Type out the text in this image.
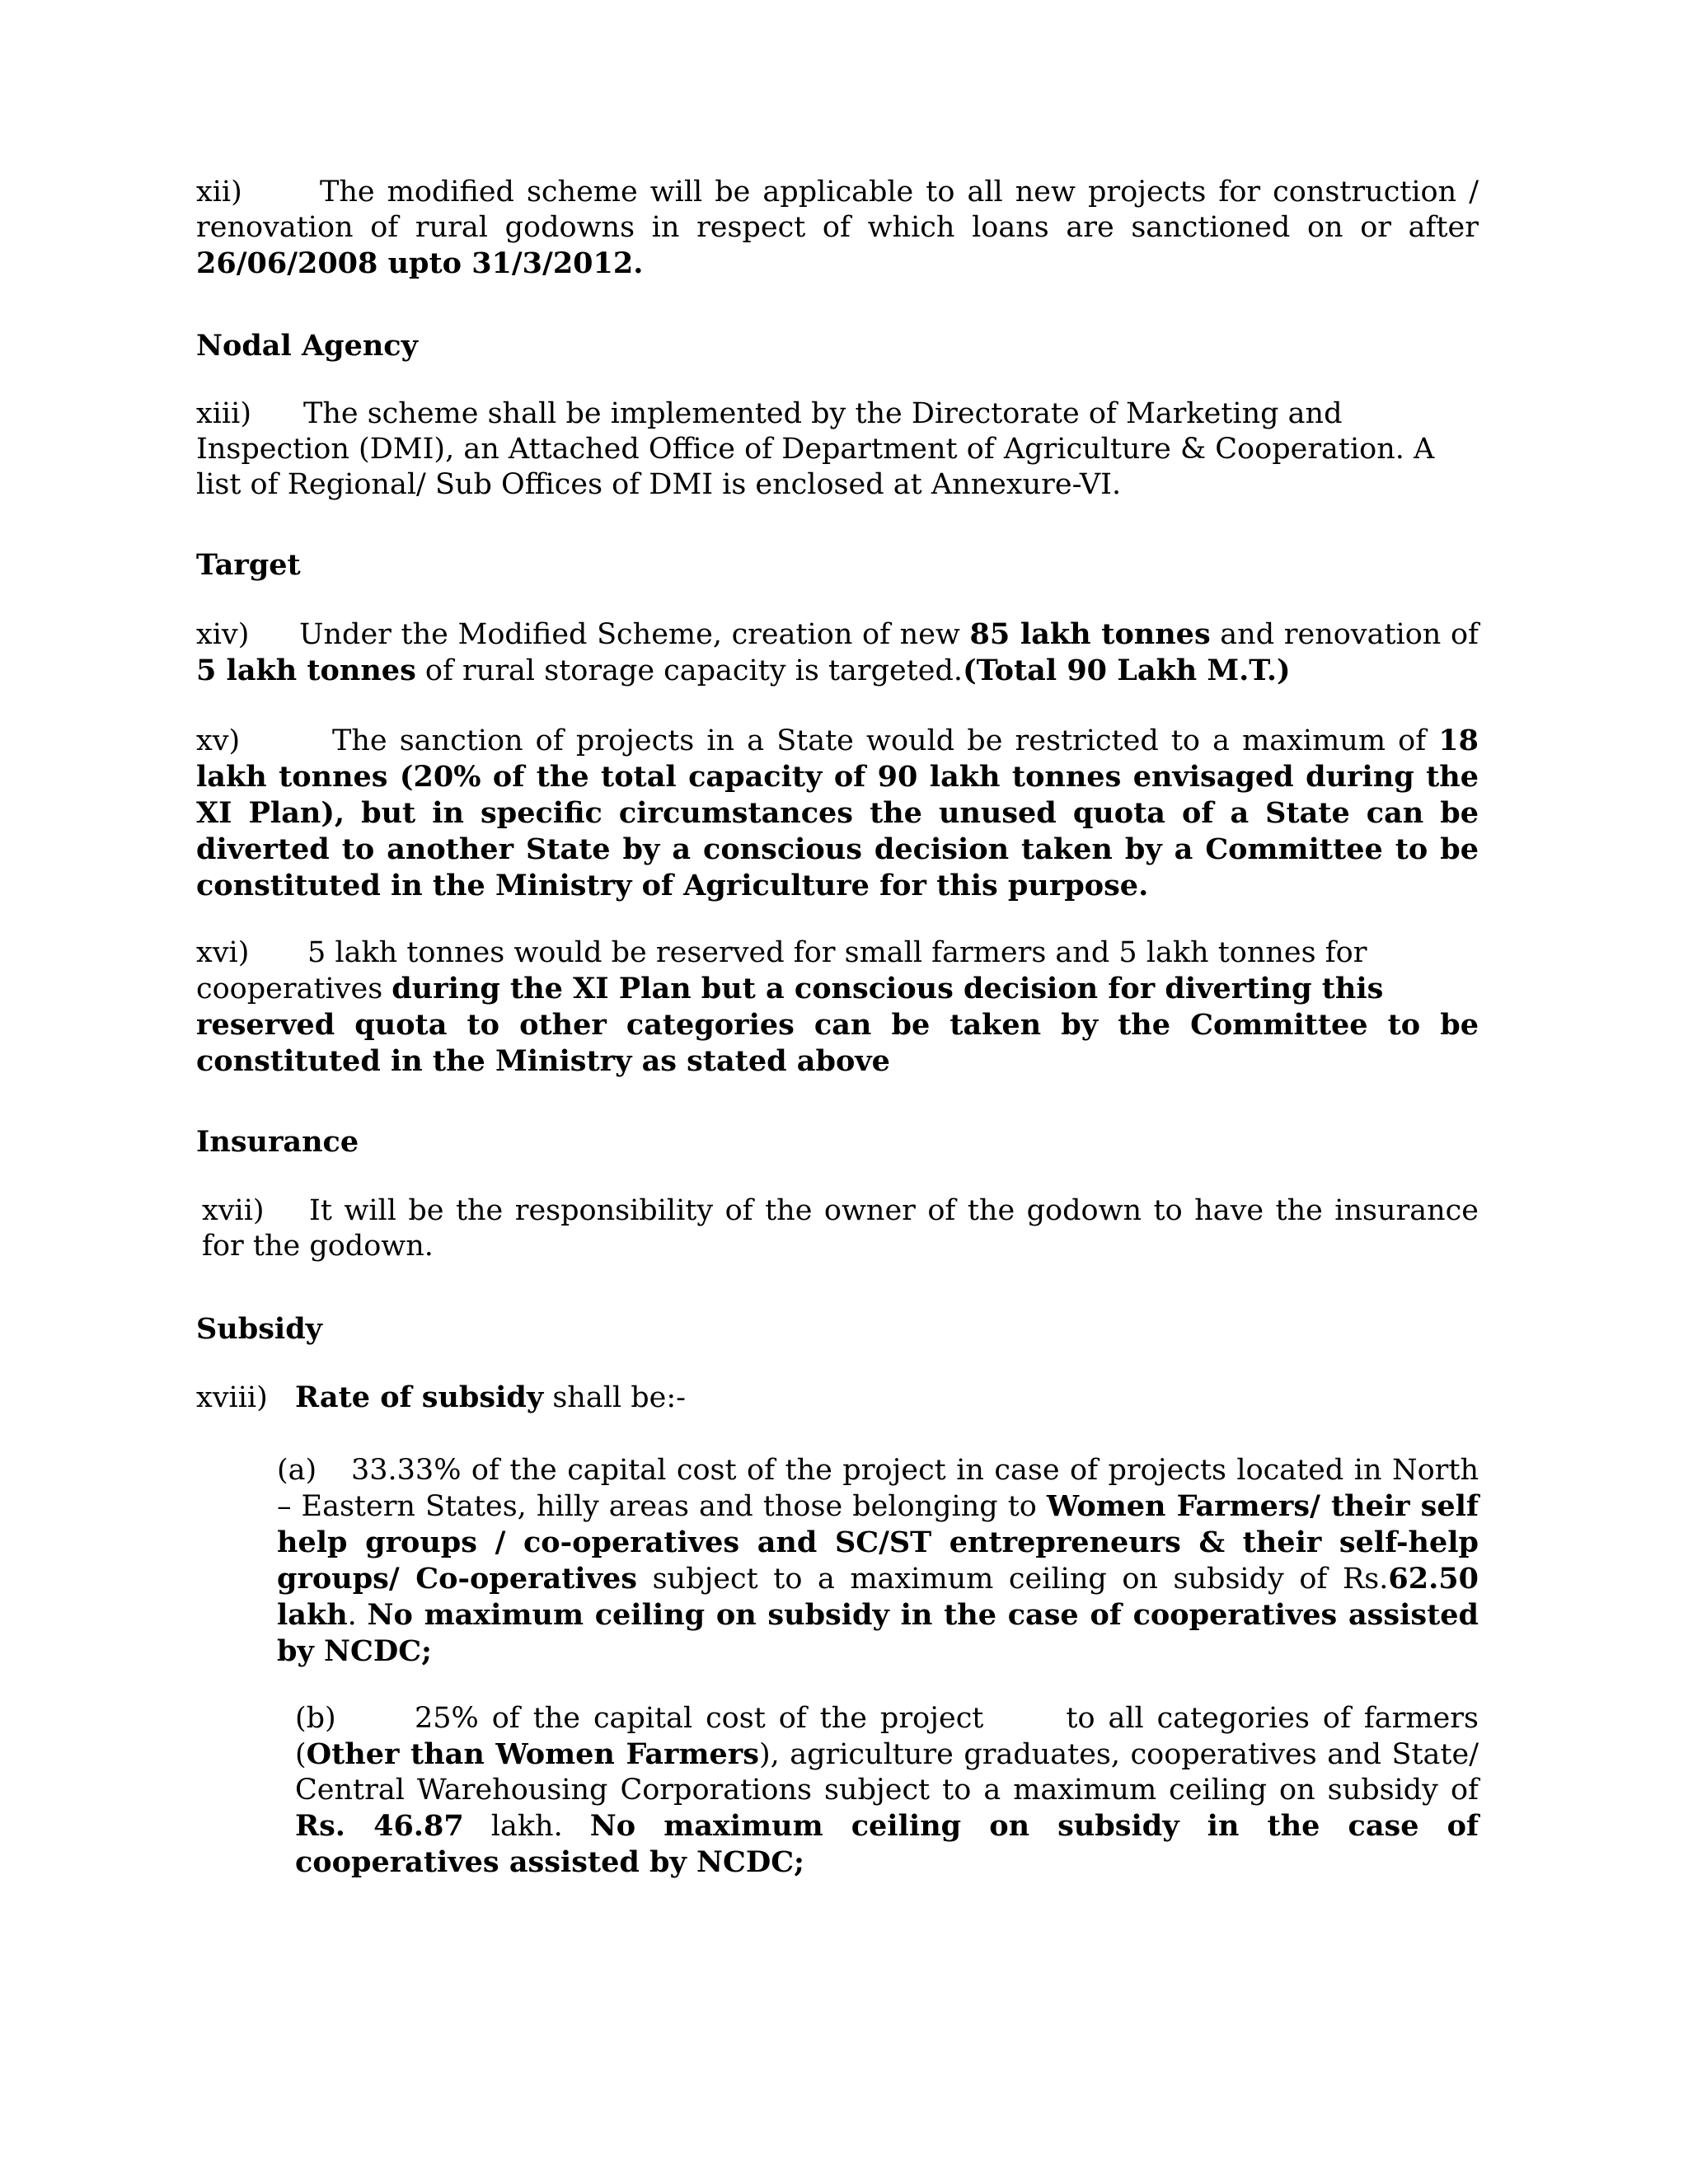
xii)	The modified scheme will be applicable to all new projects for construction / renovation of rural godowns in respect of which loans are sanctioned on or after 26/06/2008 upto 31/3/2012.

Nodal Agency

xiii) The scheme shall be implemented by the Directorate of Marketing and
Inspection (DMI), an Attached Office of Department of Agriculture & Cooperation. A
list of Regional/ Sub Offices of DMI is enclosed at Annexure-VI.

Target

xiv) Under the Modified Scheme, creation of new 85 lakh tonnes and renovation of 5 lakh tonnes of rural storage capacity is targeted.(Total 90 Lakh M.T.)

xv)	The sanction of projects in a State would be restricted to a maximum of 18 lakh tonnes (20% of the total capacity of 90 lakh tonnes envisaged during the XI Plan), but in specific circumstances the unused quota of a State can be diverted to another State by a conscious decision taken by a Committee to be constituted in the Ministry of Agriculture for this purpose.

xvi) 5 lakh tonnes would be reserved for small farmers and 5 lakh tonnes for
cooperatives during the XI Plan but a conscious decision for diverting this
reserved quota to other categories can be taken by the Committee to be constituted in the Ministry as stated above

Insurance

xvii) It will be the responsibility of the owner of the godown to have the insurance for the godown.

Subsidy

xviii) Rate of subsidy shall be:-

(a) 33.33% of the capital cost of the project in case of projects located in North – Eastern States, hilly areas and those belonging to Women Farmers/ their self help groups / co-operatives and SC/ST entrepreneurs & their self-help groups/ Co-operatives subject to a maximum ceiling on subsidy of Rs.62.50 lakh. No maximum ceiling on subsidy in the case of cooperatives assisted by NCDC;

(b)	25% of the capital cost of the project	to all categories of farmers (Other than Women Farmers), agriculture graduates, cooperatives and State/ Central Warehousing Corporations subject to a maximum ceiling on subsidy of Rs. 46.87 lakh. No maximum ceiling on subsidy in the case of cooperatives assisted by NCDC;
